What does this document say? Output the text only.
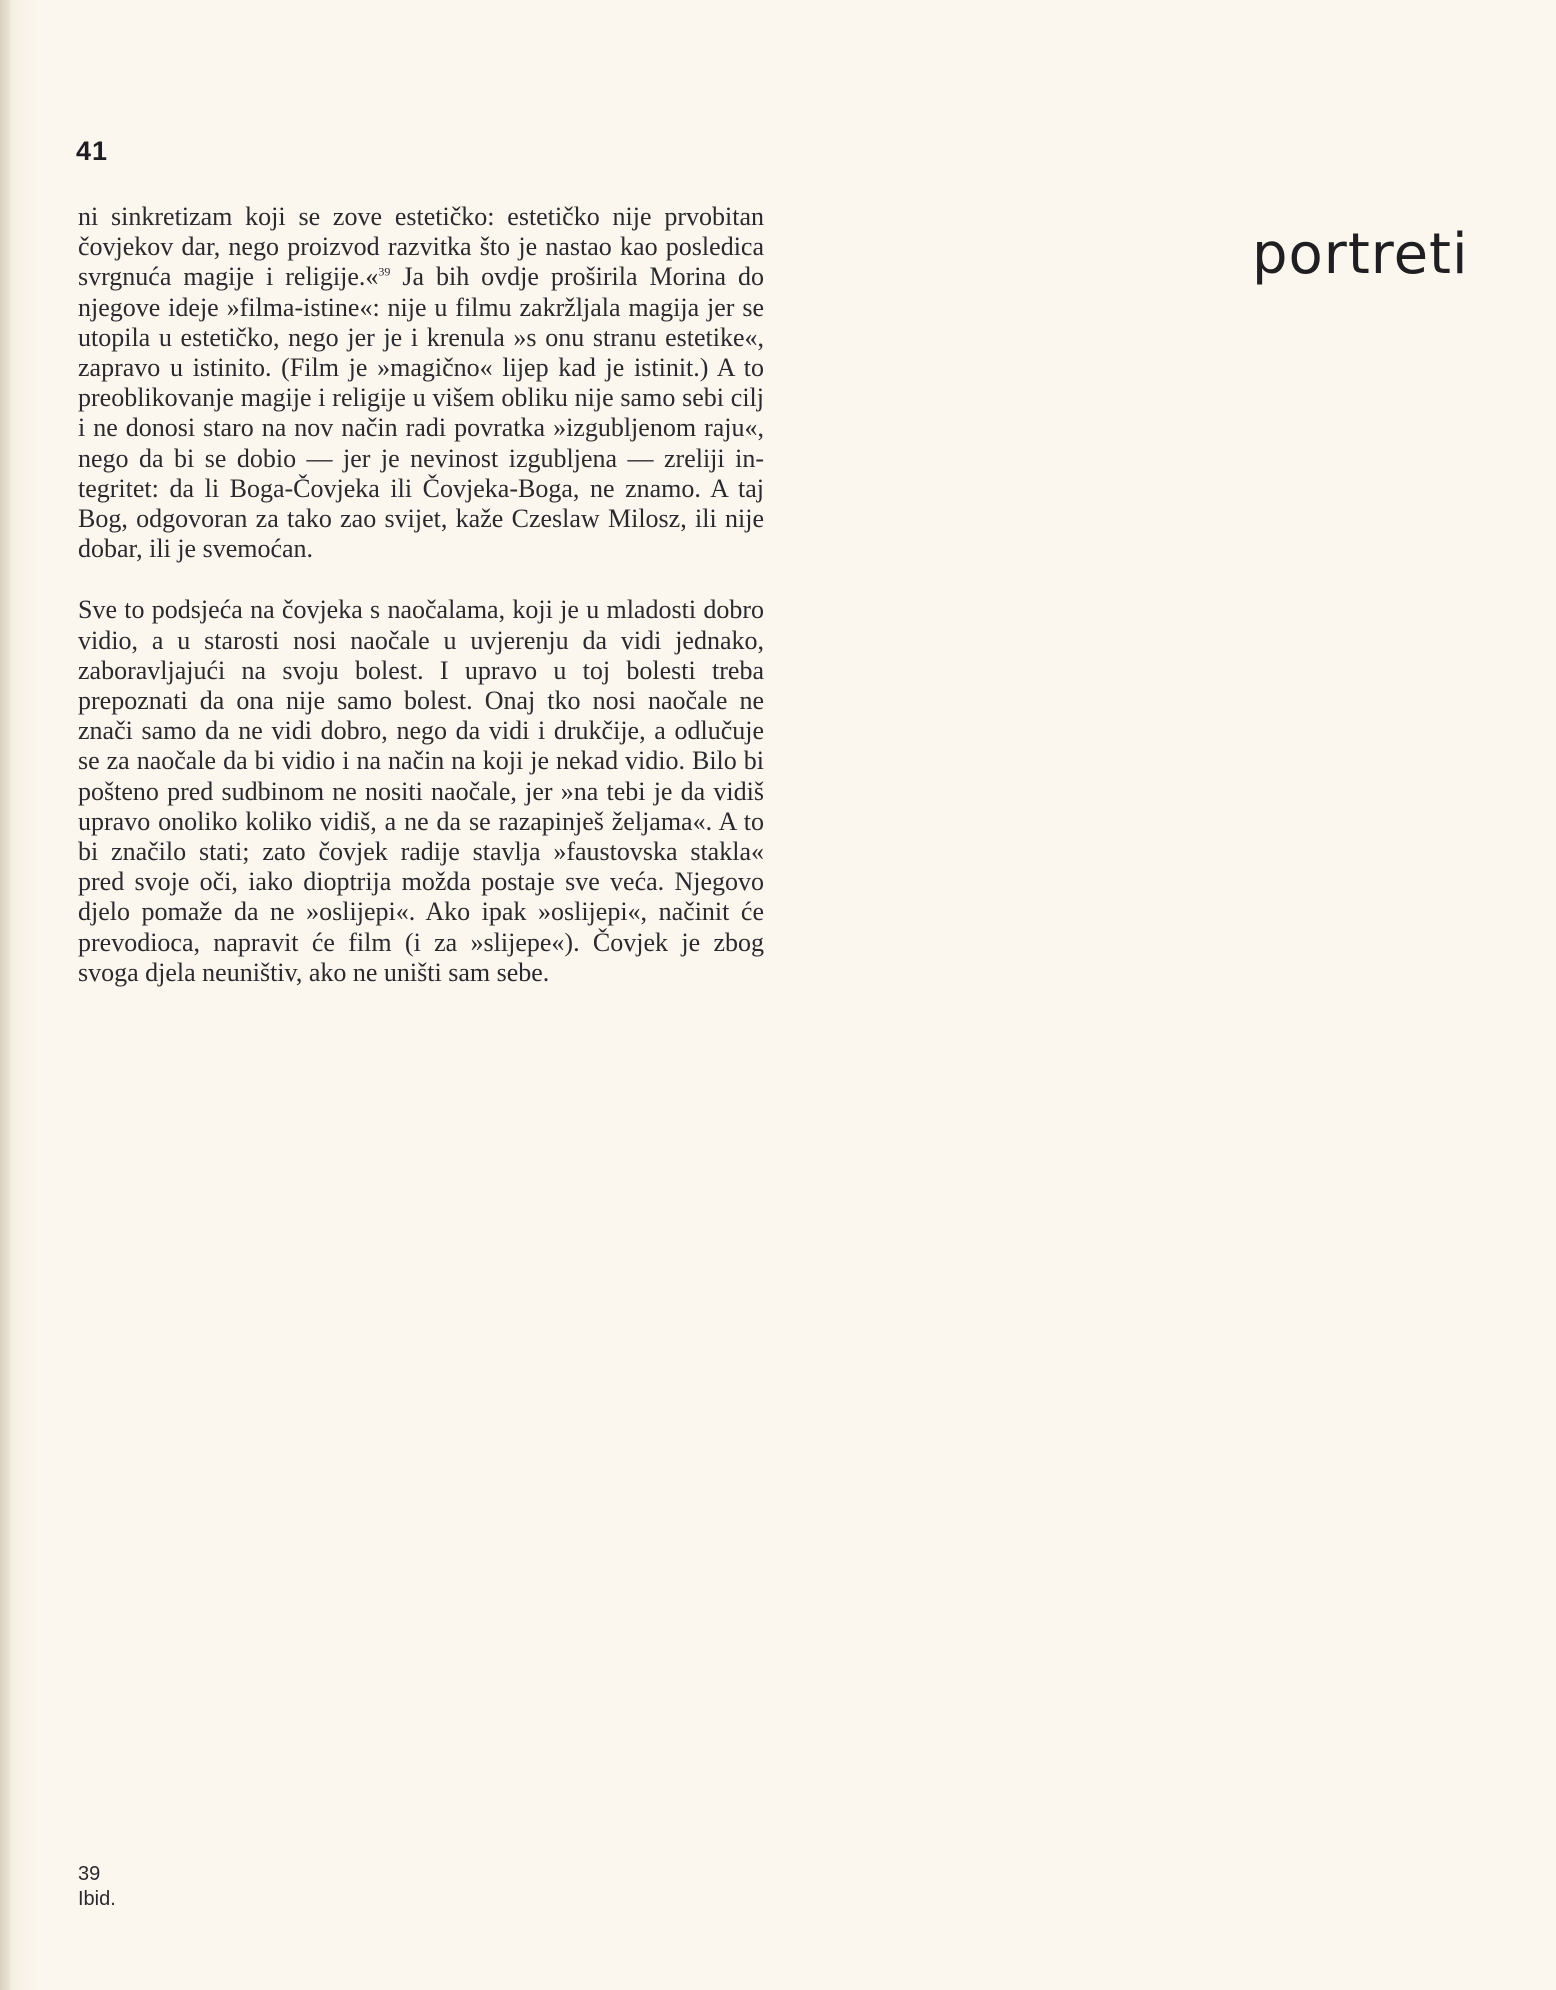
41
portreti

ni sinkretizam koji se zove estetičko: estetičko nije prvobitan čovjekov dar, nego proizvod razvitka što je nastao kao posledica svrgnuća magije i religije.«$^{39}$ Ja bih ovdje proširila Morina do njegove ideje »filma-istine«: nije u filmu zakržljala magija jer se utopila u estetičko, nego jer je i krenula »s onu stranu estetike«, zapravo u istinito. (Film je »magično« lijep kad je istinit.) A to preoblikovanje magije i religije u višem obliku nije samo sebi cilj i ne donosi staro na nov način radi povratka »izgubljenom raju«, nego da bi se dobio — jer je nevinost izgubljena — zreliji integritet: da li Boga-Čovjeka ili Čovjeka-Boga, ne znamo. A taj Bog, odgovoran za tako zao svijet, kaže Czeslaw Milosz, ili nije dobar, ili je svemoćan.

Sve to podsjeća na čovjeka s naočalama, koji je u mladosti dobro vidio, a u starosti nosi naočale u uvjerenju da vidi jednako, zaboravljajući na svoju bolest. I upravo u toj bolesti treba prepoznati da ona nije samo bolest. Onaj tko nosi naočale ne znači samo da ne vidi dobro, nego da vidi i drukčije, a odlučuje se za naočale da bi vidio i na način na koji je nekad vidio. Bilo bi pošteno pred sudbinom ne nositi naočale, jer »na tebi je da vidiš upravo onoliko koliko vidiš, a ne da se razapinješ željama«. A to bi značilo stati; zato čovjek radije stavlja »faustovska stakla« pred svoje oči, iako dioptrija možda postaje sve veća. Njegovo djelo pomaže da ne »oslijepi«. Ako ipak »oslijepi«, načinit će prevodioca, napravit će film (i za »slijepe«). Čovjek je zbog svoga djela neuništiv, ako ne uništi sam sebe.

39
Ibid.
